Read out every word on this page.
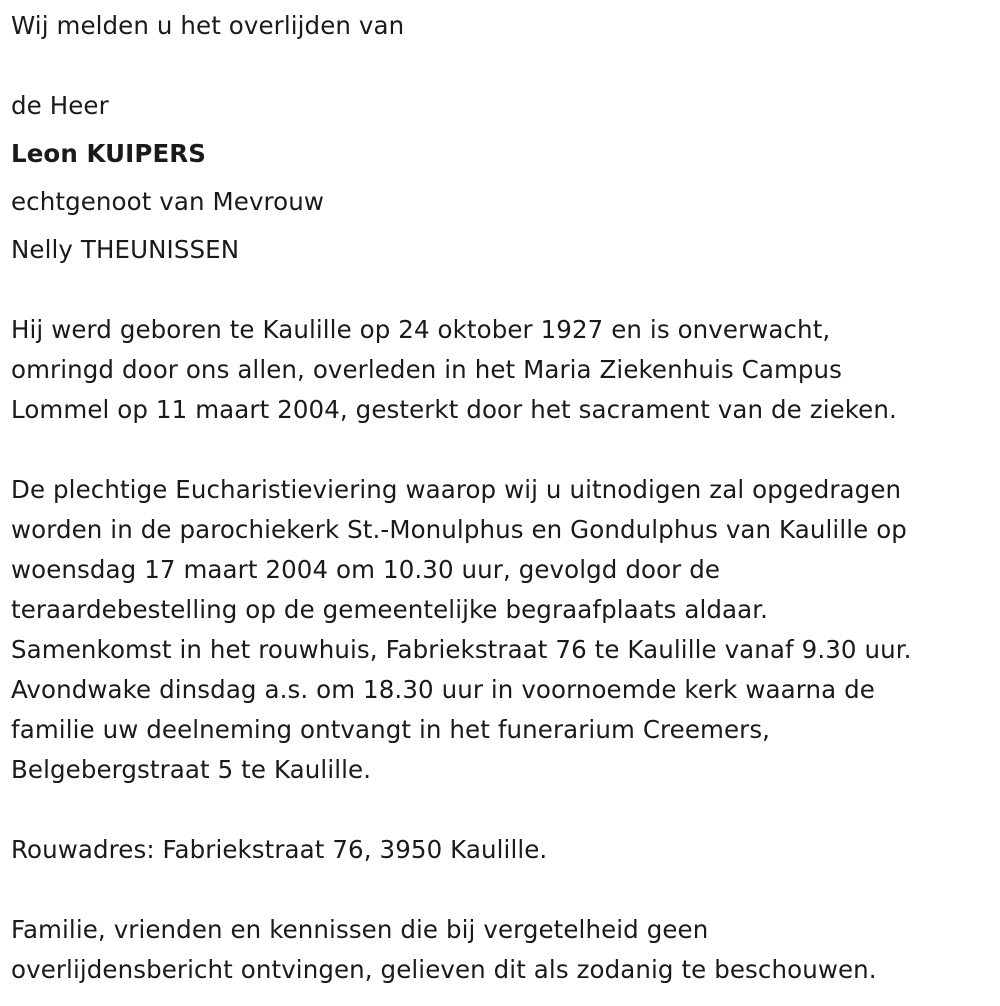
Wij melden u het overlijden van
de Heer
Leon KUIPERS
echtgenoot van Mevrouw
Nelly THEUNISSEN
Hij werd geboren te Kaulille op 24 oktober 1927 en is onverwacht,
omringd door ons allen, overleden in het Maria Ziekenhuis Campus
Lommel op 11 maart 2004, gesterkt door het sacrament van de zieken.
De plechtige Eucharistieviering waarop wij u uitnodigen zal opgedragen
worden in de parochiekerk St.-Monulphus en Gondulphus van Kaulille op
woensdag 17 maart 2004 om 10.30 uur, gevolgd door de
teraardebestelling op de gemeentelijke begraafplaats aldaar.
Samenkomst in het rouwhuis, Fabriekstraat 76 te Kaulille vanaf 9.30 uur.
Avondwake dinsdag a.s. om 18.30 uur in voornoemde kerk waarna de
familie uw deelneming ontvangt in het funerarium Creemers,
Belgebergstraat 5 te Kaulille.
Rouwadres: Fabriekstraat 76, 3950 Kaulille.
Familie, vrienden en kennissen die bij vergetelheid geen
overlijdensbericht ontvingen, gelieven dit als zodanig te beschouwen.
